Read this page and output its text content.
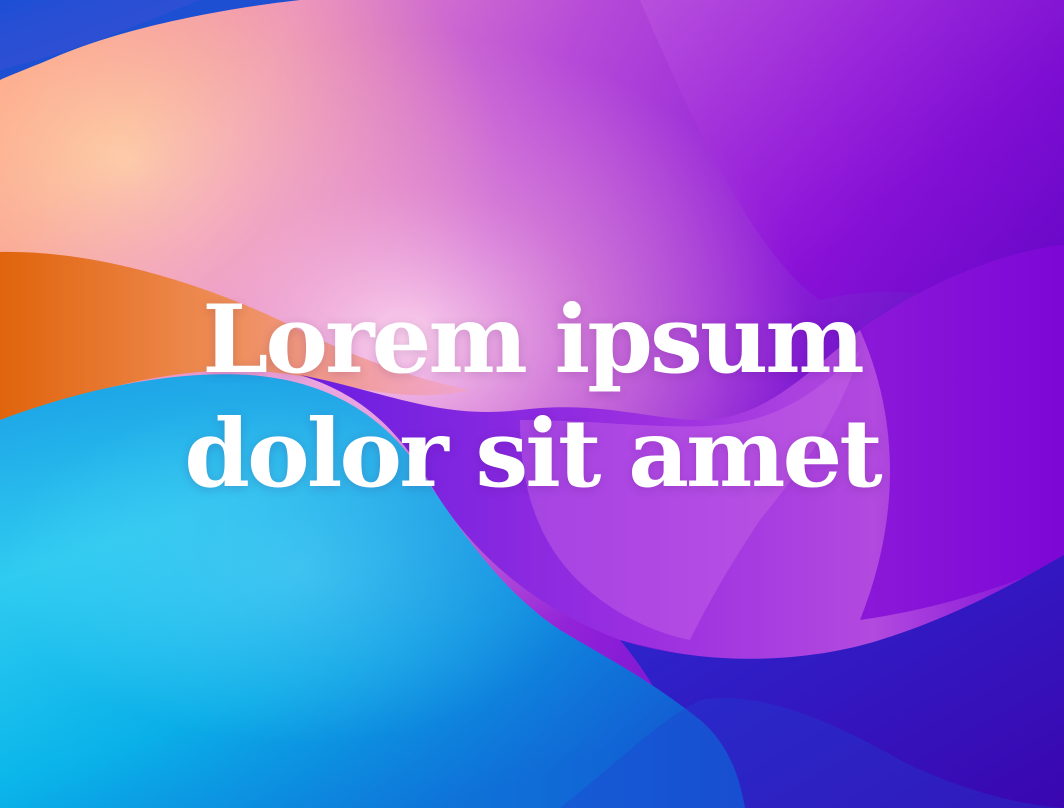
Lorem ipsum
dolor sit amet
